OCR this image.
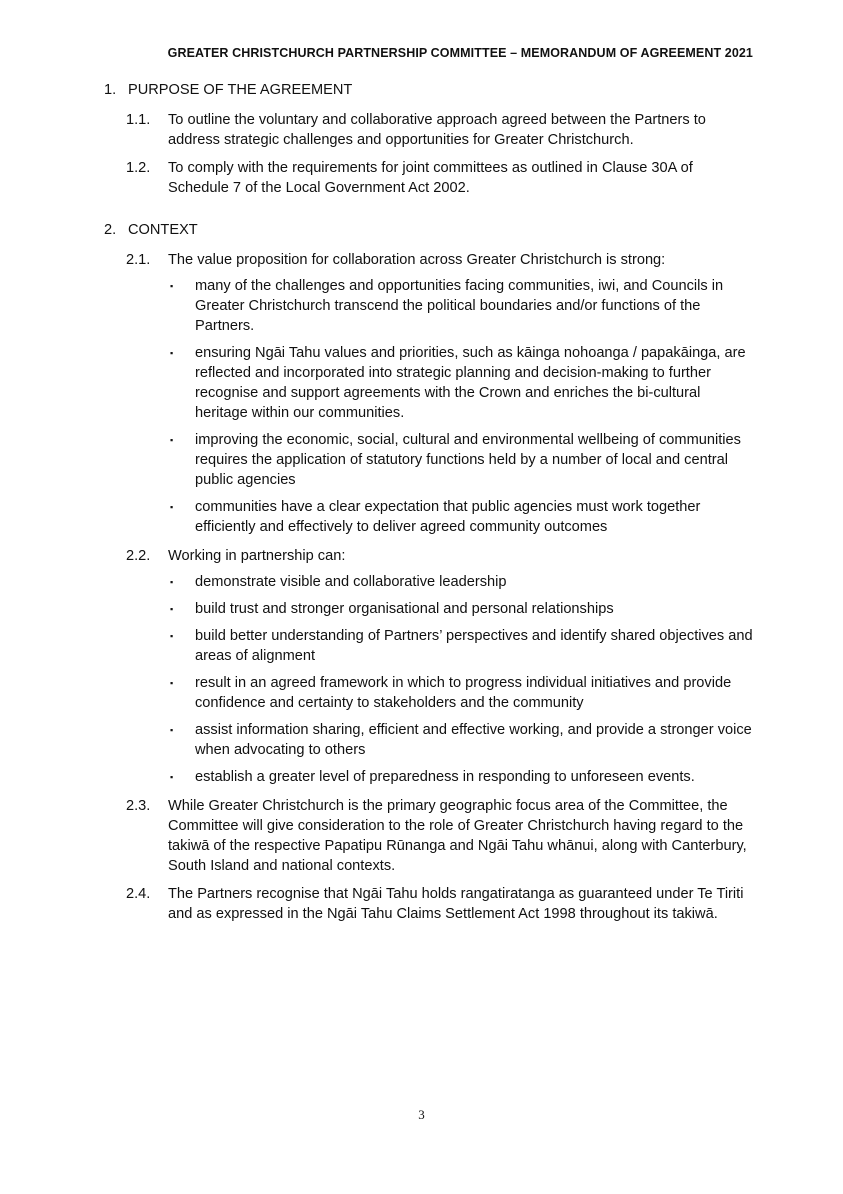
GREATER CHRISTCHURCH PARTNERSHIP COMMITTEE – MEMORANDUM OF AGREEMENT 2021
1. PURPOSE OF THE AGREEMENT
1.1.	To outline the voluntary and collaborative approach agreed between the Partners to address strategic challenges and opportunities for Greater Christchurch.
1.2.	To comply with the requirements for joint committees as outlined in Clause 30A of Schedule 7 of the Local Government Act 2002.
2. CONTEXT
2.1.	The value proposition for collaboration across Greater Christchurch is strong:
▪	many of the challenges and opportunities facing communities, iwi, and Councils in Greater Christchurch transcend the political boundaries and/or functions of the Partners.
▪	ensuring Ngāi Tahu values and priorities, such as kāinga nohoanga / papakāinga, are reflected and incorporated into strategic planning and decision-making to further recognise and support agreements with the Crown and enriches the bi-cultural heritage within our communities.
▪	improving the economic, social, cultural and environmental wellbeing of communities requires the application of statutory functions held by a number of local and central public agencies
▪	communities have a clear expectation that public agencies must work together efficiently and effectively to deliver agreed community outcomes
2.2.	Working in partnership can:
▪	demonstrate visible and collaborative leadership
▪	build trust and stronger organisational and personal relationships
▪	build better understanding of Partners’ perspectives and identify shared objectives and areas of alignment
▪	result in an agreed framework in which to progress individual initiatives and provide confidence and certainty to stakeholders and the community
▪	assist information sharing, efficient and effective working, and provide a stronger voice when advocating to others
▪	establish a greater level of preparedness in responding to unforeseen events.
2.3.	While Greater Christchurch is the primary geographic focus area of the Committee, the Committee will give consideration to the role of Greater Christchurch having regard to the takiwā of the respective Papatipu Rūnanga and Ngāi Tahu whānui, along with Canterbury, South Island and national contexts.
2.4.	The Partners recognise that Ngāi Tahu holds rangatiratanga as guaranteed under Te Tiriti and as expressed in the Ngāi Tahu Claims Settlement Act 1998 throughout its takiwā.
3
